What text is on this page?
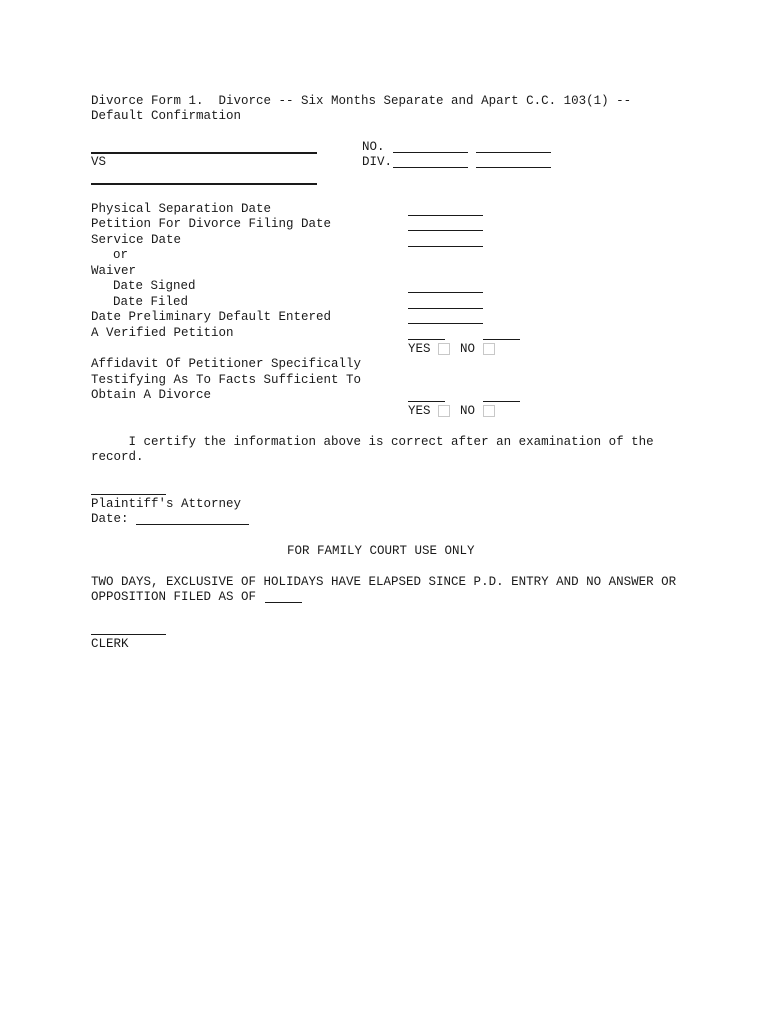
Divorce Form 1.  Divorce -- Six Months Separate and Apart C.C. 103(1) --
Default Confirmation
VS
NO.
DIV.
Physical Separation Date
Petition For Divorce Filing Date
Service Date
or
Waiver
Date Signed
Date Filed
Date Preliminary Default Entered
A Verified Petition
YES NO
Affidavit Of Petitioner Specifically
Testifying As To Facts Sufficient To
Obtain A Divorce
YES NO
I certify the information above is correct after an examination of the
record.
Plaintiff's Attorney
Date:
FOR FAMILY COURT USE ONLY
TWO DAYS, EXCLUSIVE OF HOLIDAYS HAVE ELAPSED SINCE P.D. ENTRY AND NO ANSWER OR
OPPOSITION FILED AS OF
CLERK
